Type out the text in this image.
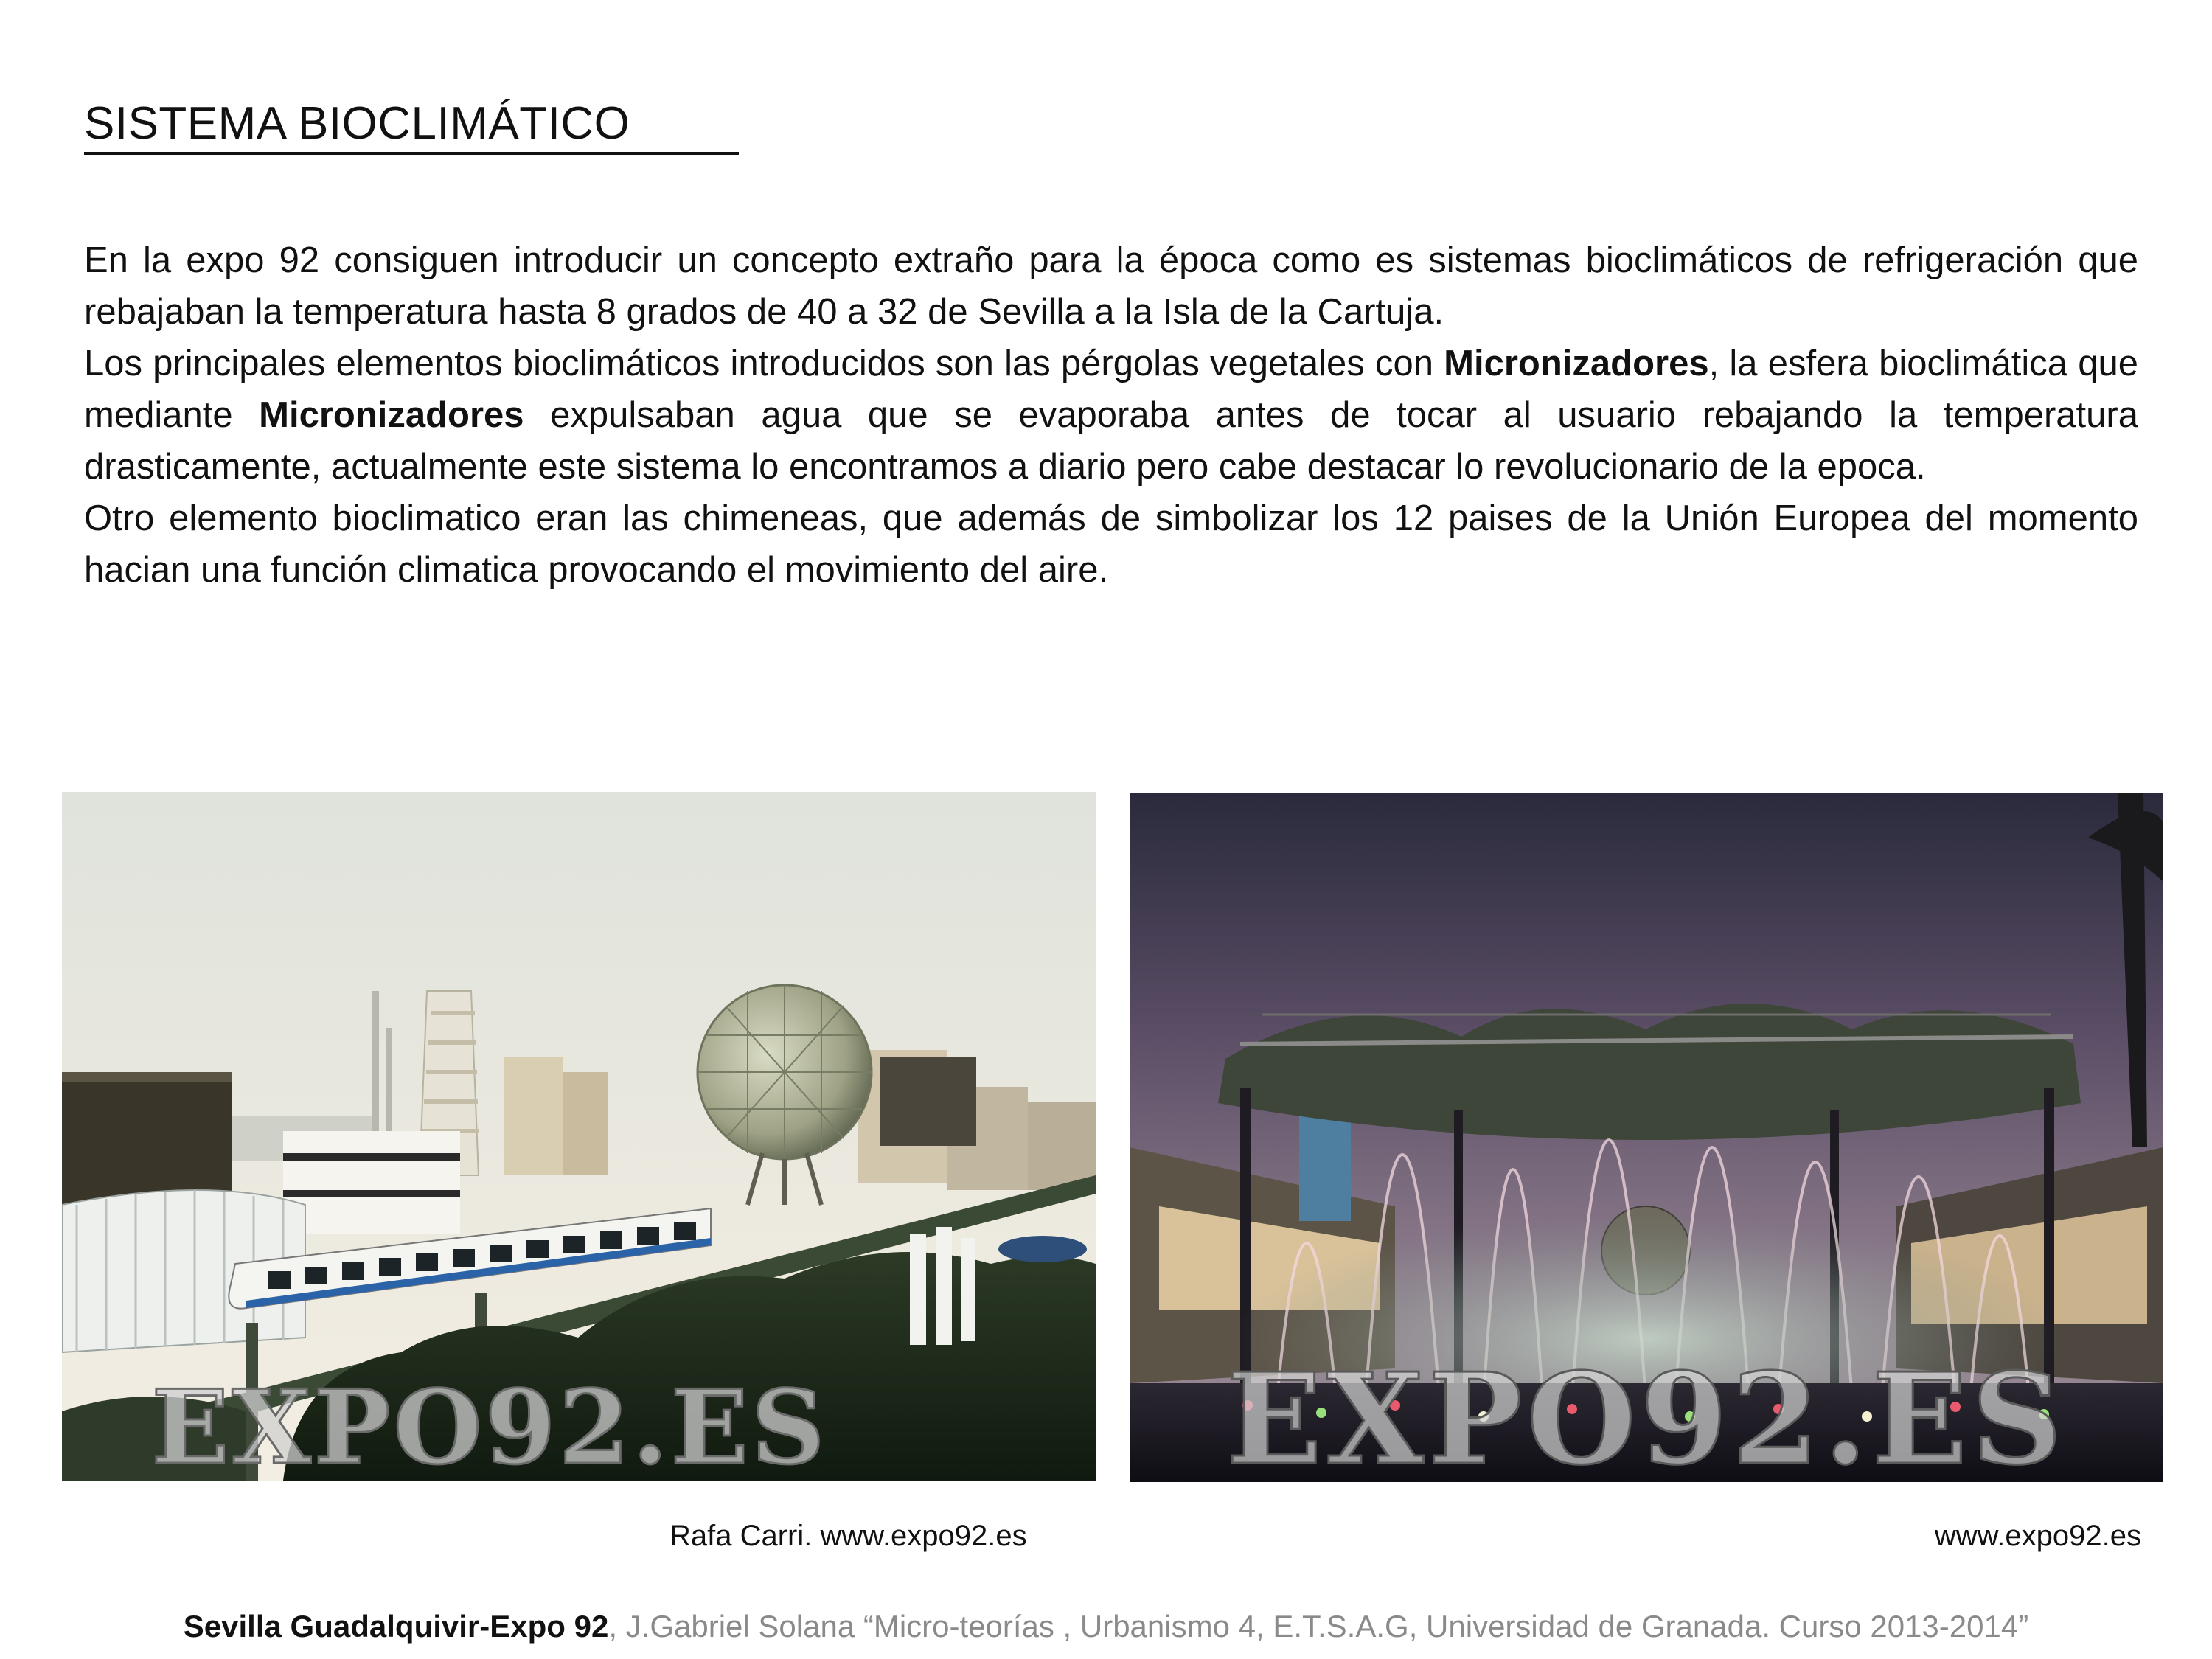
SISTEMA BIOCLIMÁTICO

En la expo 92 consiguen introducir un concepto extraño para la época como es sistemas bioclimáticos de refrigeración que rebajaban la temperatura hasta 8 grados de 40 a 32 de Sevilla a la Isla de la Cartuja.

Los principales elementos bioclimáticos introducidos son las pérgolas vegetales con Micronizadores, la esfera bioclimática que mediante Micronizadores expulsaban agua que se evaporaba antes de tocar al usuario rebajando la temperatura drasticamente, actualmente este sistema lo encontramos a diario pero cabe destacar lo revolucionario de la epoca.

Otro elemento bioclimatico eran las chimeneas, que además de simbolizar los 12 paises de la Unión Europea del momento hacian una función climatica provocando el movimiento del aire.

EXPO92.ES	EXPO92.ES
Rafa Carri. www.expo92.es	www.expo92.es
Sevilla Guadalquivir-Expo 92, J.Gabriel Solana “Micro-teorías , Urbanismo 4, E.T.S.A.G, Universidad de Granada. Curso 2013-2014”
